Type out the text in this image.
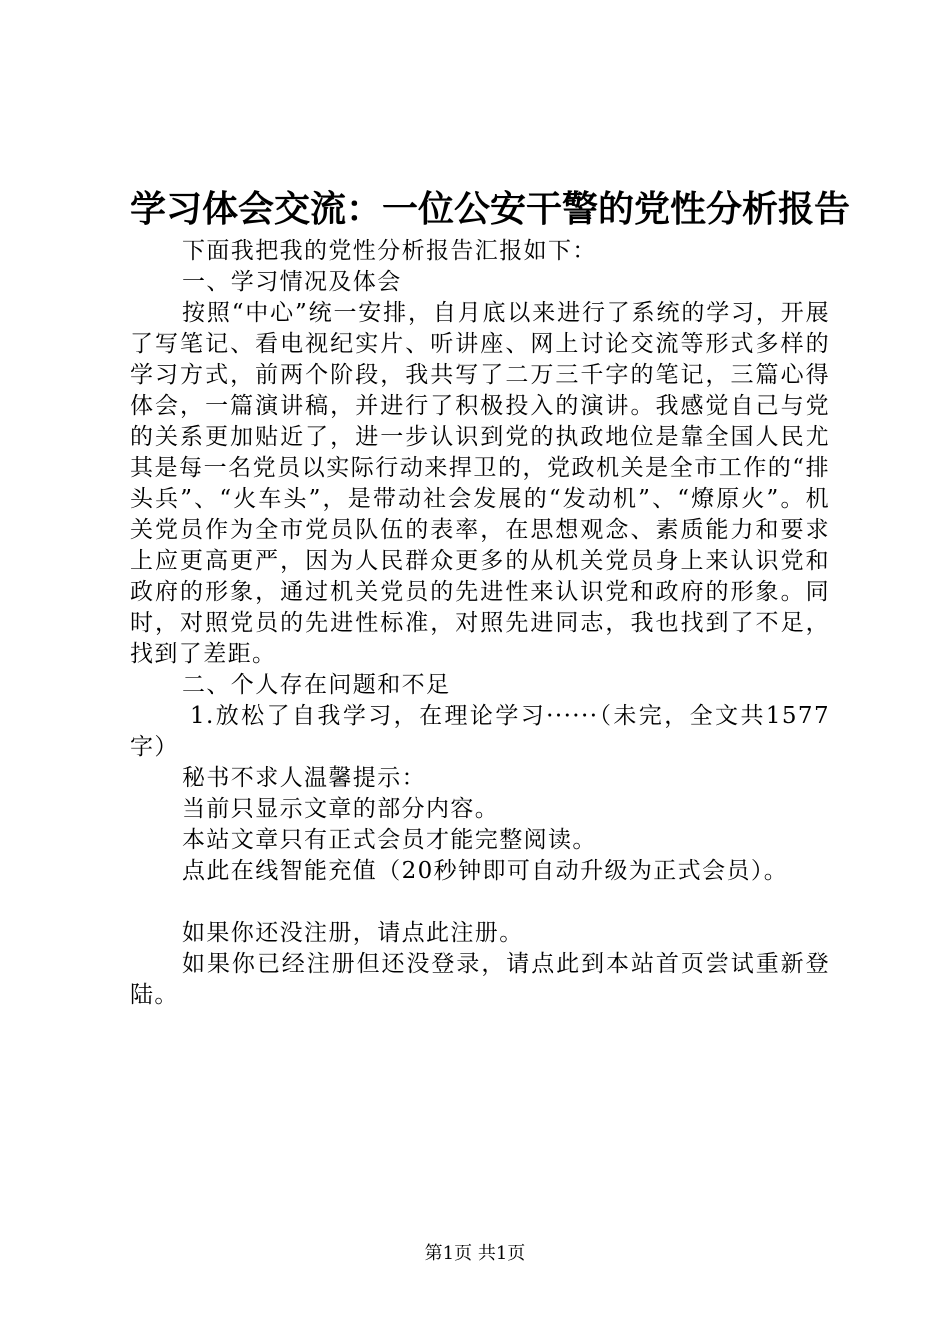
学习体会交流：一位公安干警的党性分析报告

下面我把我的党性分析报告汇报如下：

一、学习情况及体会

按照“中心”统一安排，自月底以来进行了系统的学习，开展了写笔记、看电视纪实片、听讲座、网上讨论交流等形式多样的学习方式，前两个阶段，我共写了二万三千字的笔记，三篇心得体会，一篇演讲稿，并进行了积极投入的演讲。我感觉自己与党的关系更加贴近了，进一步认识到党的执政地位是靠全国人民尤其是每一名党员以实际行动来捍卫的，党政机关是全市工作的“排头兵”、“火车头”，是带动社会发展的“发动机”、“燎原火”。机关党员作为全市党员队伍的表率，在思想观念、素质能力和要求上应更高更严，因为人民群众更多的从机关党员身上来认识党和政府的形象，通过机关党员的先进性来认识党和政府的形象。同时，对照党员的先进性标准，对照先进同志，我也找到了不足，找到了差距。

二、个人存在问题和不足

1.放松了自我学习，在理论学习······（未完，全文共1577字）

秘书不求人温馨提示：

当前只显示文章的部分内容。

本站文章只有正式会员才能完整阅读。

点此在线智能充值（20秒钟即可自动升级为正式会员）。

如果你还没注册，请点此注册。

如果你已经注册但还没登录，请点此到本站首页尝试重新登陆。

第1页 共1页
